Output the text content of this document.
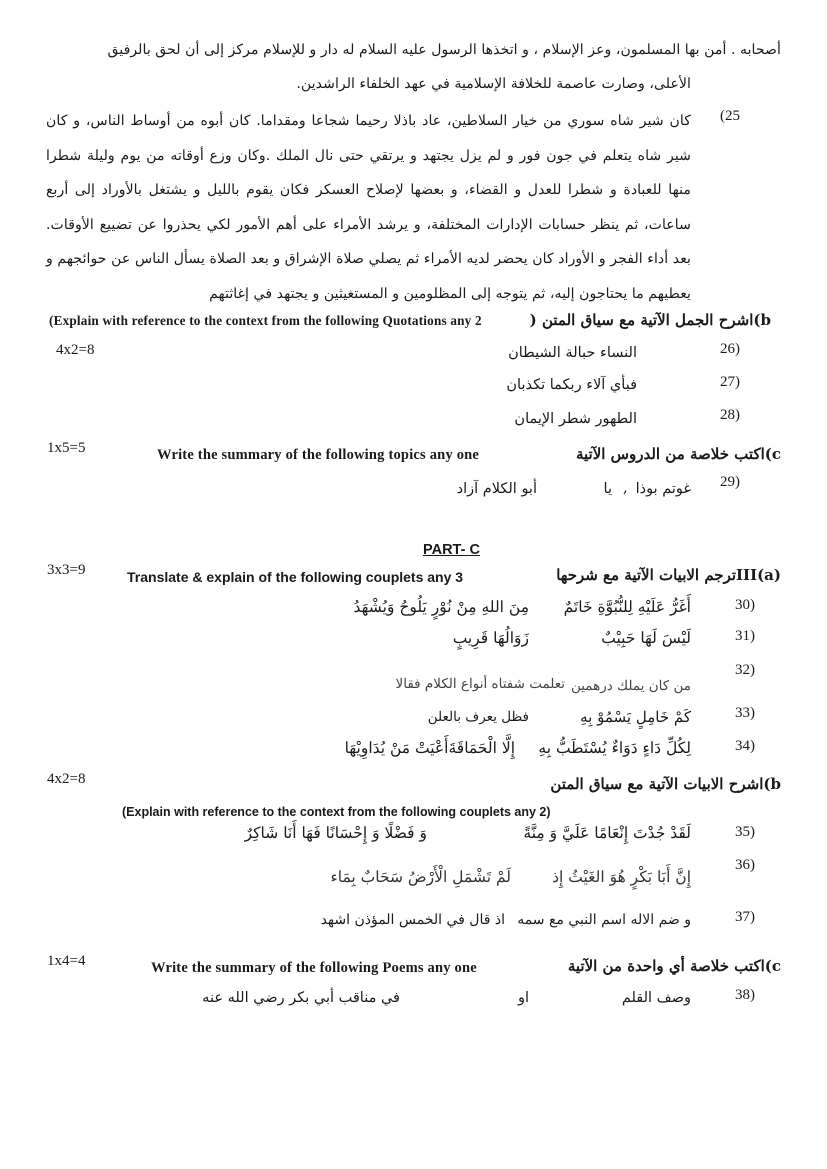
أصحابه . أمن بها المسلمون، وعز الإسلام ، و اتخذها الرسول عليه السلام له دار و للإسلام مركز إلى أن لحق بالرفيق
الأعلى، وصارت عاصمة للخلافة الإسلامية في عهد الخلفاء الراشدين.
(25
كان شير شاه سوري من خيار السلاطين، عاد باذلا رحيما شجاعا ومقداما. كان أبوه من أوساط الناس، و كان شير شاه يتعلم في جون فور و لم يزل يجتهد و يرتقي حتى نال الملك .وكان وزع أوقاته من يوم وليلة شطرا منها للعبادة و شطرا للعدل و القضاء، و بعضها لإصلاح العسكر فكان يقوم بالليل و يشتغل بالأوراد إلى أربع ساعات، ثم ينظر حسابات الإدارات المختلفة، و يرشد الأمراء على أهم الأمور لكي يحذروا عن تضييع الأوقات. بعد أداء الفجر و الأوراد كان يحضر لديه الأمراء ثم يصلي صلاة الإشراق و بعد الصلاة يسأل الناس عن حوائجهم و يعطيهم ما يحتاجون إليه، ثم يتوجه إلى المظلومين و المستغيثين و يجتهد في إغاثتهم
(Explain with reference to the context from the following Quotations any 2	b)اشرح الجمل الآتية مع سياق المتن (
4x2=8	26)
النساء حبالة الشيطان
27)
فبأي آلاء ربكما تكذبان
28)
الطهور شطر الإيمان
1x5=5	Write the summary of the following topics any one	c)اكتب خلاصة من الدروس الآتية
29)
غوتم بوذا
,
يا
أبو الكلام آزاد
PART- C
3x3=9	Translate & explain of the following couplets any 3	III(a)ترجم الابيات الآتية مع شرحها
30)
أَغَرُّ عَلَيْهِ لِلنُّبُوَّةِ خَاتَمٌ
مِنَ اللهِ مِنْ نُوْرٍ يَلُوحُ وَيُشْهَدُ
31)
لَيْسَ لَهَا حَبِيْبٌ
زَوَالُهَا قَرِيبٍ
32)
من كان يملك درهمين
تعلمت شفتاه أنواع الكلام فقالا
33)
كَمْ خَامِلٍ يَسْمُوْ بِهِ
فظل يعرف بالعلن
34)
لِكُلِّ دَاءٍ دَوَاءٌ يُسْتَطَبُّ بِهِ
إِلَّا الْحَمَاقَةَأَعْيَتْ مَنْ يُدَاوِيْهَا
4x2=8	b)اشرح الابيات الآتية مع سياق المتن
(Explain with reference to the context from the following couplets any 2)
35)
لَقَدْ جُدْتَ إِنْعَامًا عَلَيَّ وَ مِنَّةً
وَ فَضْلًا وَ إِحْسَانًا فَهَا أَنَا شَاكِرٌ
36)
إِنَّ أَبَا بَكْرٍ هُوَ الغَيْثُ إِذ
لَمْ تَشْمَلِ الْأَرْضُ سَحَابٌ بِمَاء
37)
و ضم الاله اسم النبي مع سمه
اذ قال في الخمس المؤذن اشهد
1x4=4	Write the summary of the following Poems any one	c)اكتب خلاصة أي واحدة من الآتية
38)
وصف القلم
او
في مناقب أبي بكر رضي الله عنه
